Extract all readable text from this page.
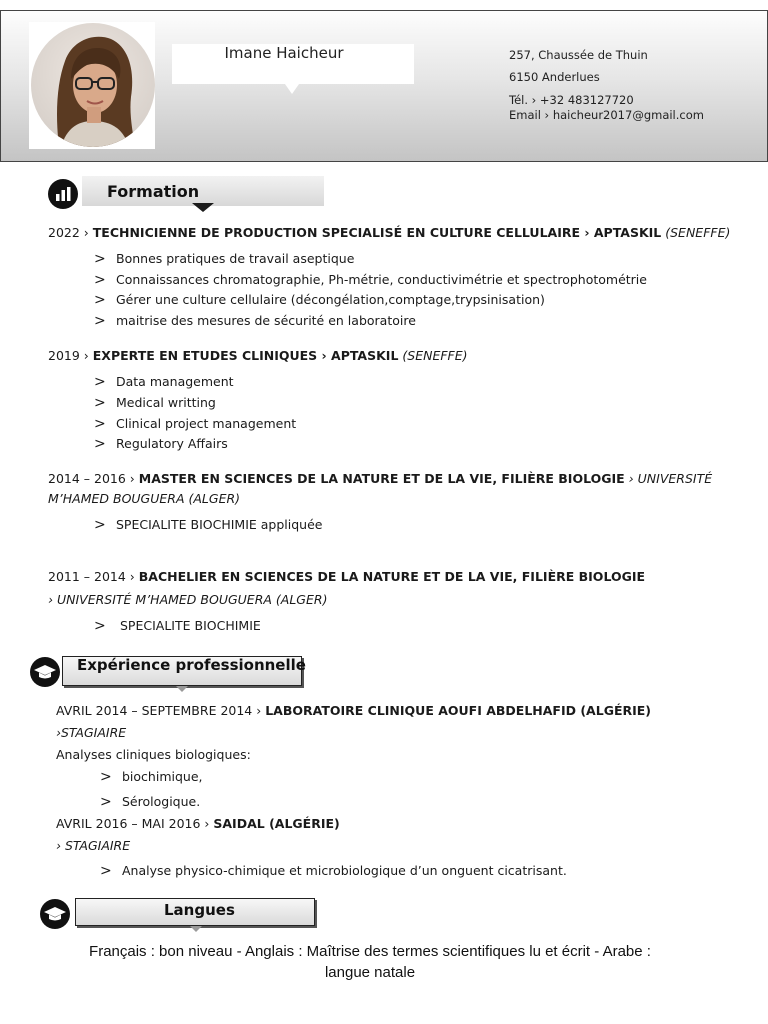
Imane Haicheur	257, Chaussée de Thuin
6150 Anderlues
Tél. › +32 483127720
Email › haicheur2017@gmail.com
Formation
2022 › TECHNICIENNE DE PRODUCTION SPECIALISÉ EN CULTURE CELLULAIRE › APTASKIL (SENEFFE)
> Bonnes pratiques de travail aseptique
> Connaissances chromatographie, Ph-métrie, conductivimétrie et spectrophotométrie
> Gérer une culture cellulaire (décongélation,comptage,trypsinisation)
> maitrise des mesures de sécurité en laboratoire
2019 › EXPERTE EN ETUDES CLINIQUES › APTASKIL (SENEFFE)
> Data management
> Medical writting
> Clinical project management
> Regulatory Affairs
2014 – 2016 › MASTER EN SCIENCES DE LA NATURE ET DE LA VIE, FILIÈRE BIOLOGIE › UNIVERSITÉ
M’HAMED BOUGUERA (ALGER)
> SPECIALITE BIOCHIMIE appliquée
2011 – 2014 › BACHELIER EN SCIENCES DE LA NATURE ET DE LA VIE, FILIÈRE BIOLOGIE
› UNIVERSITÉ M’HAMED BOUGUERA (ALGER)
> SPECIALITE BIOCHIMIE
Expérience professionnelle
AVRIL 2014 – SEPTEMBRE 2014 › LABORATOIRE CLINIQUE AOUFI ABDELHAFID (ALGÉRIE)
›STAGIAIRE
Analyses cliniques biologiques:
> biochimique,
> Sérologique.
AVRIL 2016 – MAI 2016 › SAIDAL (ALGÉRIE)
› STAGIAIRE
> Analyse physico-chimique et microbiologique d’un onguent cicatrisant.
Langues
Français : bon niveau - Anglais : Maîtrise des termes scientifiques lu et écrit - Arabe :
langue natale
